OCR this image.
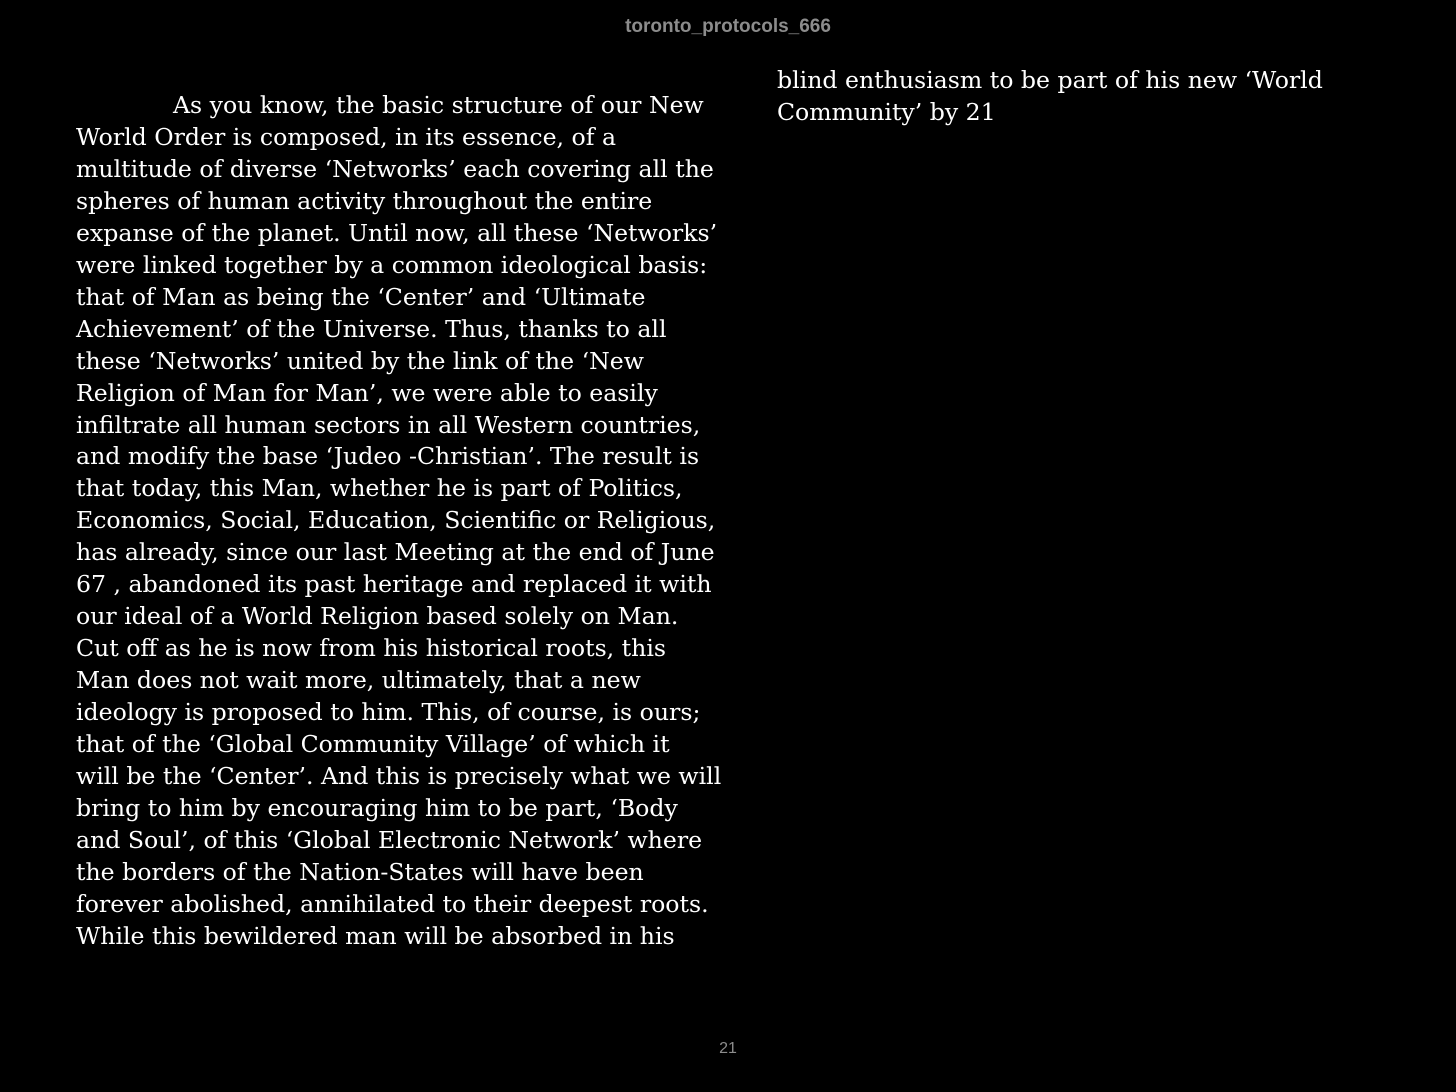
toronto_protocols_666
As you know, the basic structure of our New
World Order is composed, in its essence, of a
multitude of diverse ‘Networks’ each covering all the
spheres of human activity throughout the entire
expanse of the planet. Until now, all these ‘Networks’
were linked together by a common ideological basis:
that of Man as being the ‘Center’ and ‘Ultimate
Achievement’ of the Universe. Thus, thanks to all
these ‘Networks’ united by the link of the ‘New
Religion of Man for Man’, we were able to easily
infiltrate all human sectors in all Western countries,
and modify the base ‘Judeo -Christian’. The result is
that today, this Man, whether he is part of Politics,
Economics, Social, Education, Scientific or Religious,
has already, since our last Meeting at the end of June
67 , abandoned its past heritage and replaced it with
our ideal of a World Religion based solely on Man.
Cut off as he is now from his historical roots, this
Man does not wait more, ultimately, that a new
ideology is proposed to him. This, of course, is ours;
that of the ‘Global Community Village’ of which it
will be the ‘Center’. And this is precisely what we will
bring to him by encouraging him to be part, ‘Body
and Soul’, of this ‘Global Electronic Network’ where
the borders of the Nation-States will have been
forever abolished, annihilated to their deepest roots.
While this bewildered man will be absorbed in his
blind enthusiasm to be part of his new ‘World
Community’ by 21
21
